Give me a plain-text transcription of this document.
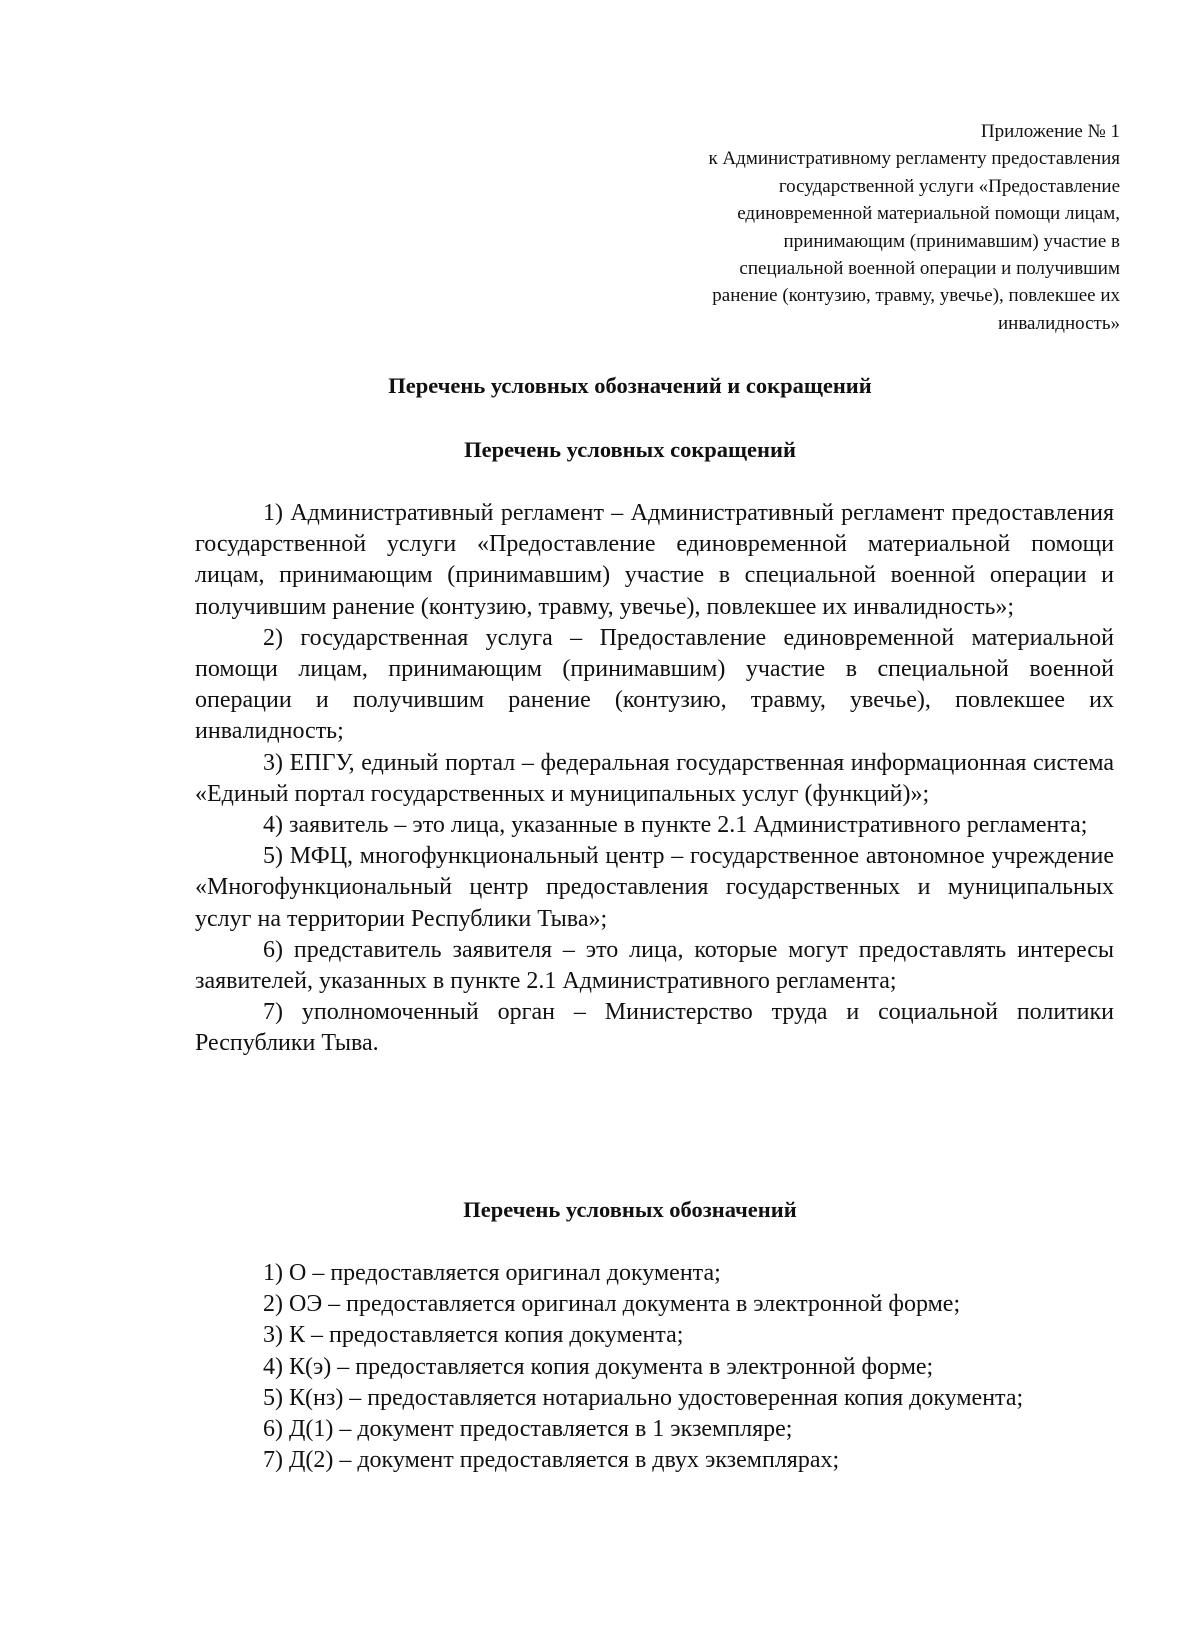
Приложение № 1
к Административному регламенту предоставления
государственной услуги «Предоставление
единовременной материальной помощи лицам,
принимающим (принимавшим) участие в
специальной военной операции и получившим
ранение (контузию, травму, увечье), повлекшее их
инвалидность»
Перечень условных обозначений и сокращений
Перечень условных сокращений

1) Административный регламент – Административный регламент предоставления государственной услуги «Предоставление единовременной материальной помощи лицам, принимающим (принимавшим) участие в специальной военной операции и получившим ранение (контузию, травму, увечье), повлекшее их инвалидность»;

2) государственная услуга – Предоставление единовременной материальной помощи лицам, принимающим (принимавшим) участие в специальной военной операции и получившим ранение (контузию, травму, увечье), повлекшее их инвалидность;

3) ЕПГУ, единый портал – федеральная государственная информационная система «Единый портал государственных и муниципальных услуг (функций)»;

4) заявитель – это лица, указанные в пункте 2.1 Административного регламента;

5) МФЦ, многофункциональный центр – государственное автономное учреждение «Многофункциональный центр предоставления государственных и муниципальных услуг на территории Республики Тыва»;

6) представитель заявителя – это лица, которые могут предоставлять интересы заявителей, указанных в пункте 2.1 Административного регламента;

7) уполномоченный орган – Министерство труда и социальной политики Республики Тыва.

Перечень условных обозначений

1) О – предоставляется оригинал документа;

2) ОЭ – предоставляется оригинал документа в электронной форме;

3) К – предоставляется копия документа;

4) К(э) – предоставляется копия документа в электронной форме;

5) К(нз) – предоставляется нотариально удостоверенная копия документа;

6) Д(1) – документ предоставляется в 1 экземпляре;

7) Д(2) – документ предоставляется в двух экземплярах;
